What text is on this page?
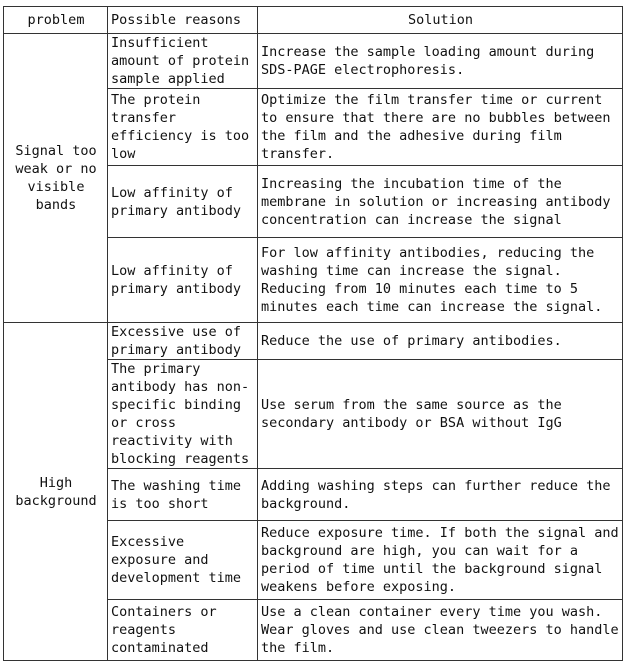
problem	Possible reasons	Solution
Signal too weak or no visible bands	Insufficient amount of protein sample applied	Increase the sample loading amount during SDS-PAGE electrophoresis.
	The protein transfer efficiency is too low	Optimize the film transfer time or current to ensure that there are no bubbles between the film and the adhesive during film transfer.
	Low affinity of primary antibody	Increasing the incubation time of the membrane in solution or increasing antibody concentration can increase the signal
	Low affinity of primary antibody	For low affinity antibodies, reducing the washing time can increase the signal. Reducing from 10 minutes each time to 5 minutes each time can increase the signal.
High background	Excessive use of primary antibody	Reduce the use of primary antibodies.
	The primary antibody has non-specific binding or cross reactivity with blocking reagents	Use serum from the same source as the secondary antibody or BSA without IgG
	The washing time is too short	Adding washing steps can further reduce the background.
	Excessive exposure and development time	Reduce exposure time. If both the signal and background are high, you can wait for a period of time until the background signal weakens before exposing.
	Containers or reagents contaminated	Use a clean container every time you wash. Wear gloves and use clean tweezers to handle the film.
